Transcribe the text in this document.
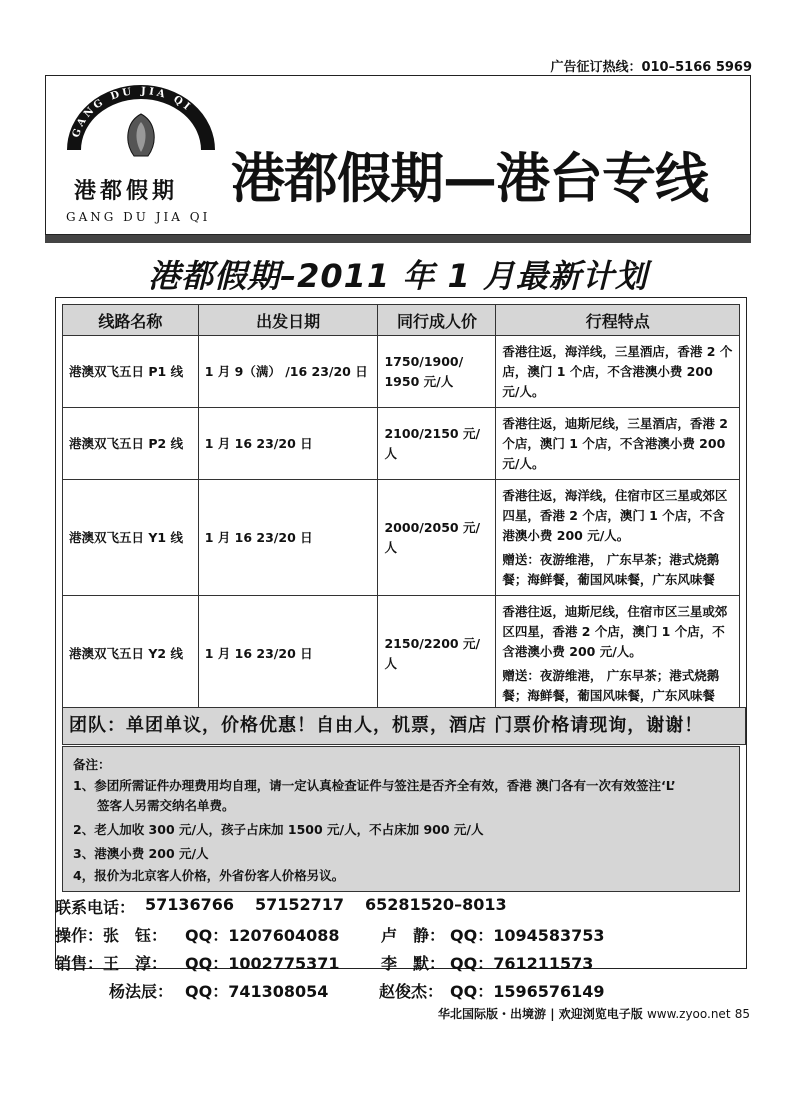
广告征订热线：010–5166 5969
GANG DU JIA QI
港都假期
GANG DU JIA QI
港都假期—港台专线
港都假期–2011 年 1 月最新计划
线路名称	出发日期	同行成人价	行程特点
港澳双飞五日 P1 线	1 月 9（满） /16 23/20 日	1750/1900/ 1950 元/人	香港往返，海洋线，三星酒店，香港 2 个店，澳门 1 个店，不含港澳小费 200 元/人。
港澳双飞五日 P2 线	1 月 16 23/20 日	2100/2150 元/人	香港往返，迪斯尼线，三星酒店，香港 2 个店，澳门 1 个店，不含港澳小费 200 元/人。
港澳双飞五日 Y1 线	1 月 16 23/20 日	2000/2050 元/人	香港往返，海洋线，住宿市区三星或郊区四星，香港 2 个店，澳门 1 个店，不含港澳小费 200 元/人。
赠送：夜游维港， 广东早茶；港式烧鹅餐；海鲜餐，葡国风味餐，广东风味餐

港澳双飞五日 Y2 线	1 月 16 23/20 日	2150/2200 元/人	香港往返，迪斯尼线，住宿市区三星或郊区四星，香港 2 个店，澳门 1 个店，不含港澳小费 200 元/人。
赠送：夜游维港， 广东早茶；港式烧鹅餐；海鲜餐，葡国风味餐，广东风味餐
团队：单团单议，价格优惠！自由人，机票，酒店 门票价格请现询，谢谢！
备注：
1、参团所需证件办理费用均自理，请一定认真检查证件与签注是否齐全有效，香港 澳门各有一次有效签注‘L’
签客人另需交纳名单费。
2、老人加收 300 元/人，孩子占床加 1500 元/人，不占床加 900 元/人
3、港澳小费 200 元/人
4，报价为北京客人价格，外省份客人价格另议。
联系电话： 57136766 57152717 65281520–8013
操作：张　钰： QQ：1207604088	卢　静： QQ：1094583753
销售：王　淳： QQ：1002775371	李　默： QQ：761211573
杨法辰： QQ：741308054	赵俊杰： QQ：1596576149
华北国际版・出境游 | 欢迎浏览电子版 www.zyoo.net 85
